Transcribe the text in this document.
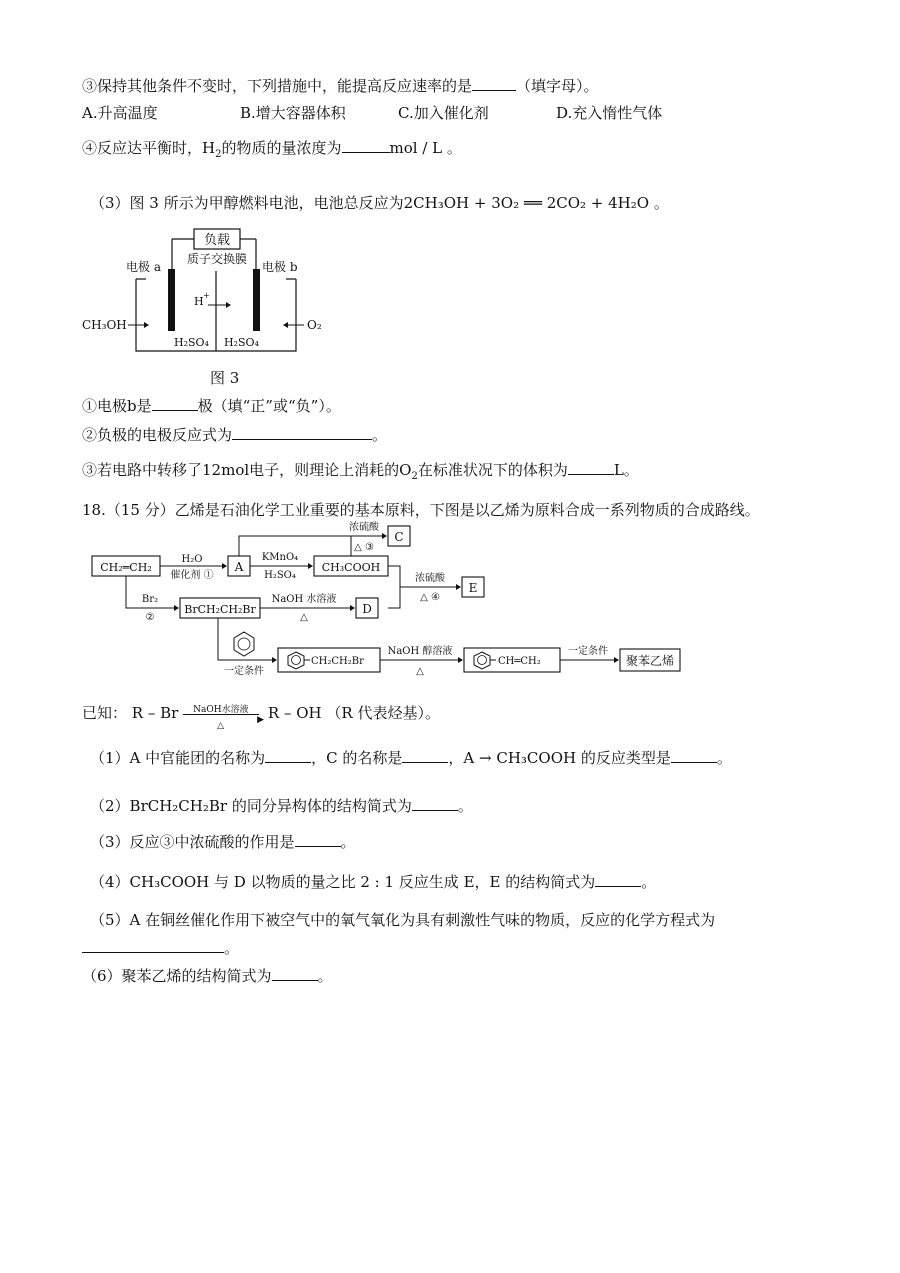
③保持其他条件不变时，下列措施中，能提高反应速率的是	（填字母）。
A.升高温度	B.增大容器体积	C.加入催化剂	D.充入惰性气体
④反应达平衡时，$H_2$的物质的量浓度为	mol / L 。
（3）图 3 所示为甲醇燃料电池，电池总反应为2CH₃OH + 3O₂ ══ 2CO₂ + 4H₂O 。
负载
质子交换膜
电极 a	电极 b
H +
CH₃OH	O₂
H₂SO₄ H₂SO₄
图 3
①电极b是	极（填“正”或“负”）。
②负极的电极反应式为	。
③若电路中转移了12mol电子，则理论上消耗的$O_2$在标准状况下的体积为	L。
18.（15 分）乙烯是石油化学工业重要的基本原料，下图是以乙烯为原料合成一系列物质的合成路线。
CH₂═CH₂
H₂O
催化剂 ①
A
KMnO₄
H₂SO₄
CH₃COOH
浓硫酸
△ ③
C
浓硫酸
△ ④
E
Br₂
②
BrCH₂CH₂Br
NaOH 水溶液
△
D
一定条件
CH₂CH₂Br
NaOH 醇溶液
△
CH═CH₂
一定条件
聚苯乙烯
已知： R – Br NaOH水溶液
▶
△
R – OH （R 代表烃基）。
（1）A 中官能团的名称为	，C 的名称是	，A → CH₃COOH 的反应类型是	。
（2）BrCH₂CH₂Br 的同分异构体的结构简式为	。
（3）反应③中浓硫酸的作用是	。
（4）CH₃COOH 与 D 以物质的量之比 2 : 1 反应生成 E，E 的结构简式为	。
（5）A 在铜丝催化作用下被空气中的氧气氧化为具有刺激性气味的物质，反应的化学方程式为
。
（6）聚苯乙烯的结构简式为	。
